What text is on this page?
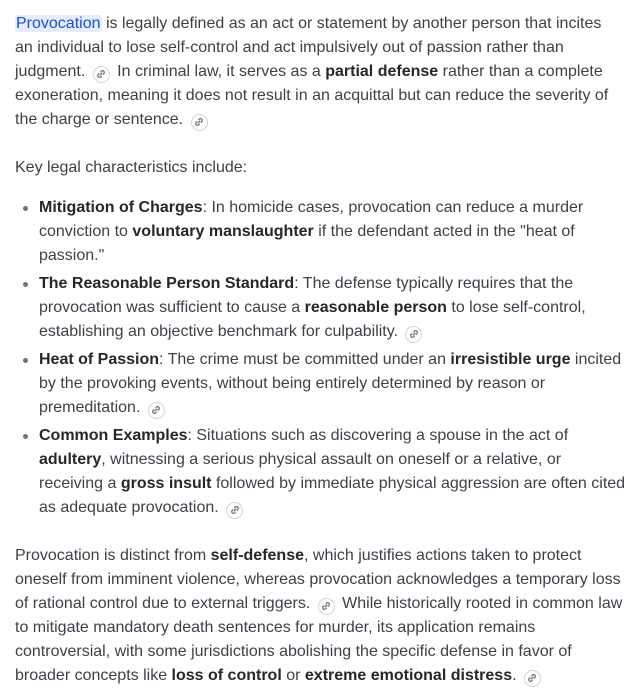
Provocation is legally defined as an act or statement by another person that incites an individual to lose self-control and act impulsively out of passion rather than judgment.
In criminal law, it serves as a partial defense rather than a complete exoneration, meaning it does not result in an acquittal but can reduce the severity of the charge or sentence.

Key legal characteristics include:

Mitigation of Charges: In homicide cases, provocation can reduce a murder conviction to voluntary manslaughter if the defendant acted in the "heat of passion."
The Reasonable Person Standard: The defense typically requires that the provocation was sufficient to cause a reasonable person to lose self-control, establishing an objective benchmark for culpability.
Heat of Passion: The crime must be committed under an irresistible urge incited by the provoking events, without being entirely determined by reason or premeditation.
Common Examples: Situations such as discovering a spouse in the act of adultery, witnessing a serious physical assault on oneself or a relative, or receiving a gross insult followed by immediate physical aggression are often cited as adequate provocation.

Provocation is distinct from self-defense, which justifies actions taken to protect oneself from imminent violence, whereas provocation acknowledges a temporary loss of rational control due to external triggers.
While historically rooted in common law to mitigate mandatory death sentences for murder, its application remains controversial, with some jurisdictions abolishing the specific defense in favor of broader concepts like loss of control or extreme emotional distress.
